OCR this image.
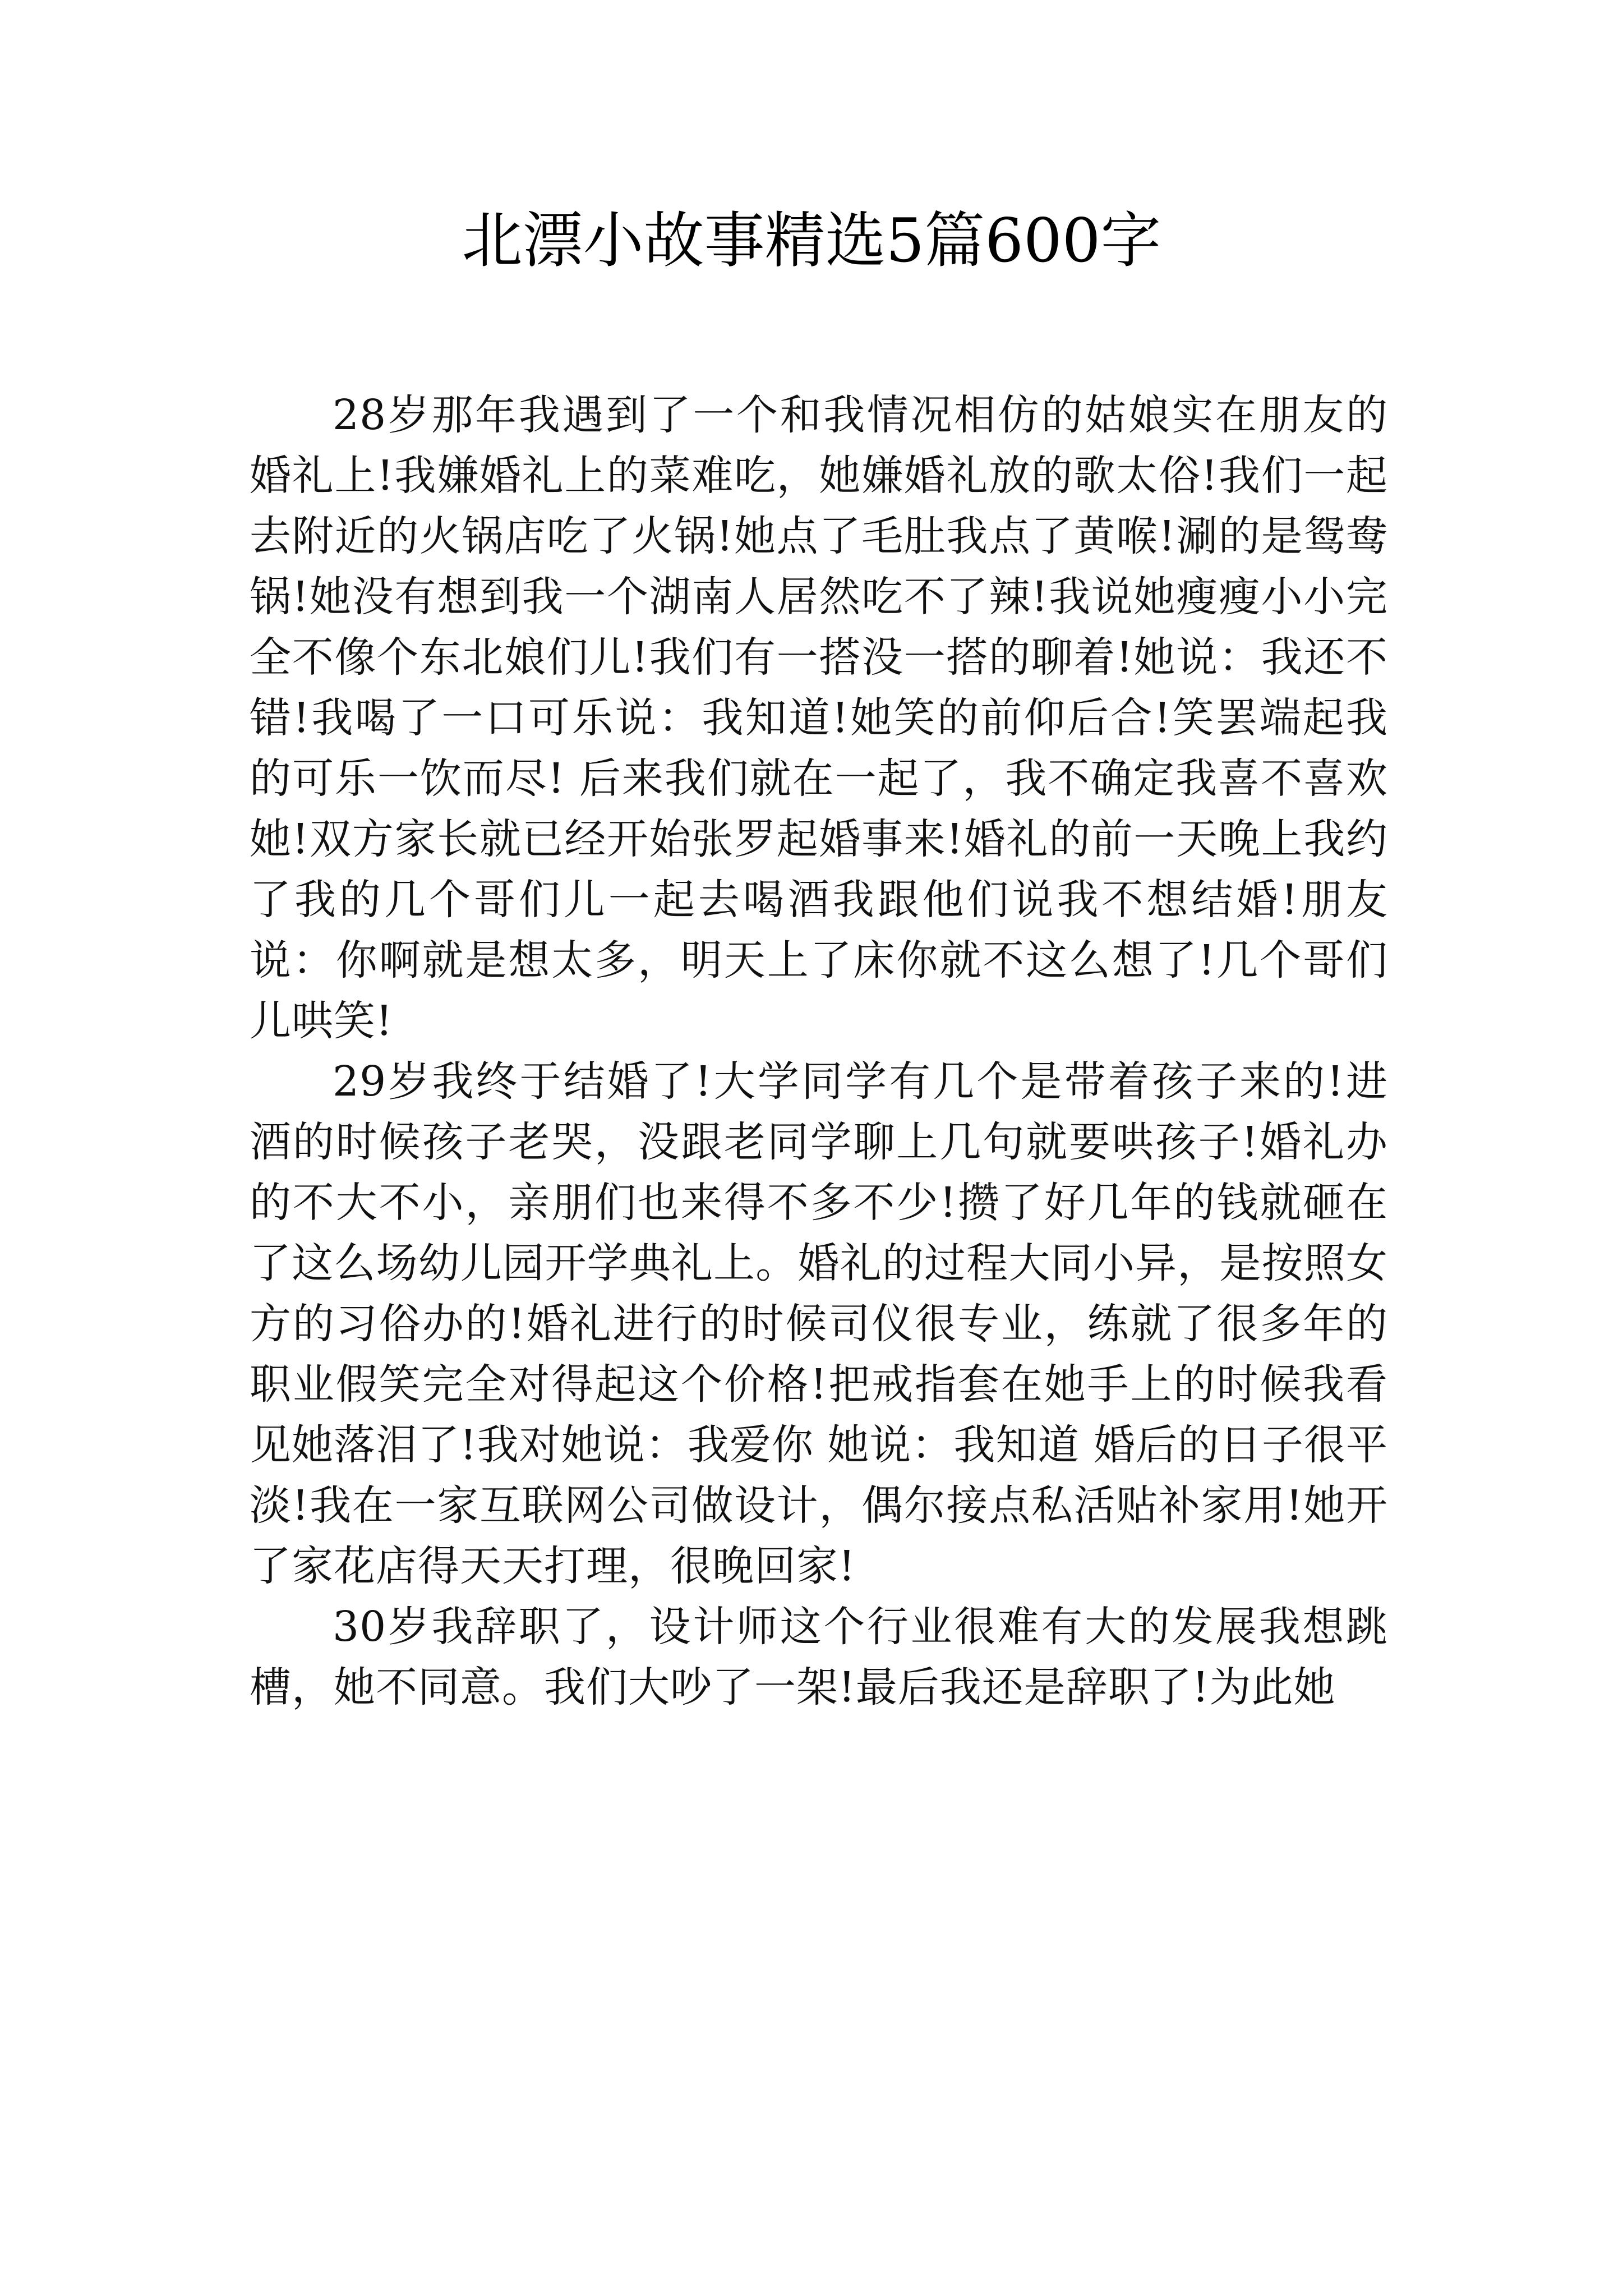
北漂小故事精选5篇600字

28岁那年我遇到了一个和我情况相仿的姑娘实在朋友的婚礼上!我嫌婚礼上的菜难吃，她嫌婚礼放的歌太俗!我们一起去附近的火锅店吃了火锅!她点了毛肚我点了黄喉!涮的是鸳鸯锅!她没有想到我一个湖南人居然吃不了辣!我说她瘦瘦小小完全不像个东北娘们儿!我们有一搭没一搭的聊着!她说：我还不错!我喝了一口可乐说：我知道!她笑的前仰后合!笑罢端起我的可乐一饮而尽! 后来我们就在一起了，我不确定我喜不喜欢她!双方家长就已经开始张罗起婚事来!婚礼的前一天晚上我约了我的几个哥们儿一起去喝酒我跟他们说我不想结婚!朋友说：你啊就是想太多，明天上了床你就不这么想了!几个哥们儿哄笑!

29岁我终于结婚了!大学同学有几个是带着孩子来的!进酒的时候孩子老哭，没跟老同学聊上几句就要哄孩子!婚礼办的不大不小，亲朋们也来得不多不少!攒了好几年的钱就砸在了这么场幼儿园开学典礼上。婚礼的过程大同小异，是按照女方的习俗办的!婚礼进行的时候司仪很专业，练就了很多年的职业假笑完全对得起这个价格!把戒指套在她手上的时候我看见她落泪了!我对她说：我爱你 她说：我知道 婚后的日子很平淡!我在一家互联网公司做设计，偶尔接点私活贴补家用!她开了家花店得天天打理，很晚回家!

30岁我辞职了，设计师这个行业很难有大的发展我想跳槽，她不同意。我们大吵了一架!最后我还是辞职了!为此她
